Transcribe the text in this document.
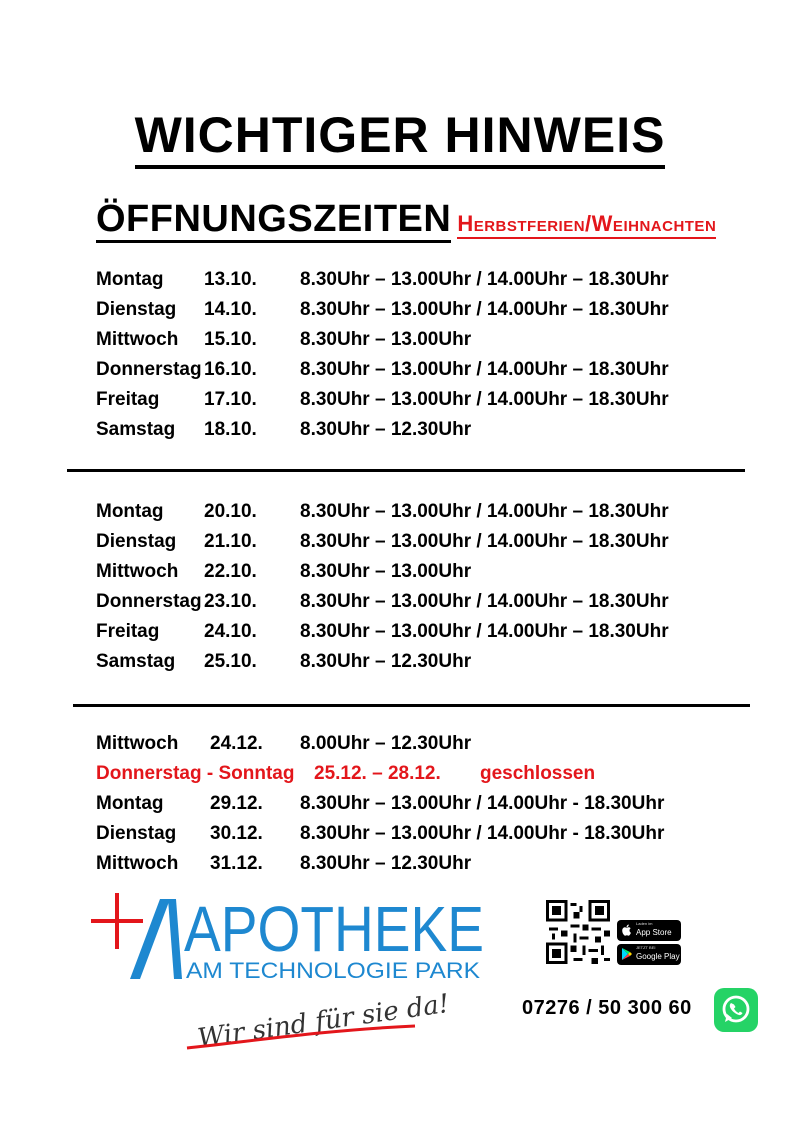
WICHTIGER HINWEIS
ÖFFNUNGSZEITEN Herbstferien/Weihnachten
Montag 13.10. 8.30Uhr – 13.00Uhr / 14.00Uhr – 18.30Uhr
Dienstag 14.10. 8.30Uhr – 13.00Uhr / 14.00Uhr – 18.30Uhr
Mittwoch 15.10. 8.30Uhr – 13.00Uhr
Donnerstag 16.10. 8.30Uhr – 13.00Uhr / 14.00Uhr – 18.30Uhr
Freitag 17.10. 8.30Uhr – 13.00Uhr / 14.00Uhr – 18.30Uhr
Samstag 18.10. 8.30Uhr – 12.30Uhr
Montag 20.10. 8.30Uhr – 13.00Uhr / 14.00Uhr – 18.30Uhr
Dienstag 21.10. 8.30Uhr – 13.00Uhr / 14.00Uhr – 18.30Uhr
Mittwoch 22.10. 8.30Uhr – 13.00Uhr
Donnerstag 23.10. 8.30Uhr – 13.00Uhr / 14.00Uhr – 18.30Uhr
Freitag 24.10. 8.30Uhr – 13.00Uhr / 14.00Uhr – 18.30Uhr
Samstag 25.10. 8.30Uhr – 12.30Uhr
Mittwoch 24.12. 8.00Uhr – 12.30Uhr
Donnerstag - Sonntag 25.12. – 28.12. geschlossen
Montag 29.12. 8.30Uhr – 13.00Uhr / 14.00Uhr - 18.30Uhr
Dienstag 30.12. 8.30Uhr – 13.00Uhr / 14.00Uhr - 18.30Uhr
Mittwoch 31.12. 8.30Uhr – 12.30Uhr
APOTHEKE
AM TECHNOLOGIE PARK
Wir sind für sie da!
Laden im
App Store
JETZT BEI
Google Play
07276 / 50 300 60
